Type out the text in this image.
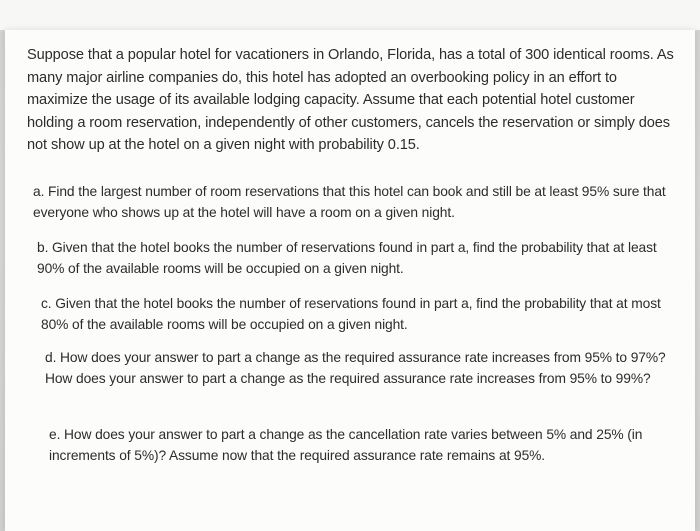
Suppose that a popular hotel for vacationers in Orlando, Florida, has a total of 300 identical rooms. As many major airline companies do, this hotel has adopted an overbooking policy in an effort to maximize the usage of its available lodging capacity. Assume that each potential hotel customer holding a room reservation, independently of other customers, cancels the reservation or simply does not show up at the hotel on a given night with probability 0.15.

a. Find the largest number of room reservations that this hotel can book and still be at least 95% sure that everyone who shows up at the hotel will have a room on a given night.

b. Given that the hotel books the number of reservations found in part a, find the probability that at least 90% of the available rooms will be occupied on a given night.

c. Given that the hotel books the number of reservations found in part a, find the probability that at most 80% of the available rooms will be occupied on a given night.

d. How does your answer to part a change as the required assurance rate increases from 95% to 97%? How does your answer to part a change as the required assurance rate increases from 95% to 99%?

e. How does your answer to part a change as the cancellation rate varies between 5% and 25% (in increments of 5%)? Assume now that the required assurance rate remains at 95%.
